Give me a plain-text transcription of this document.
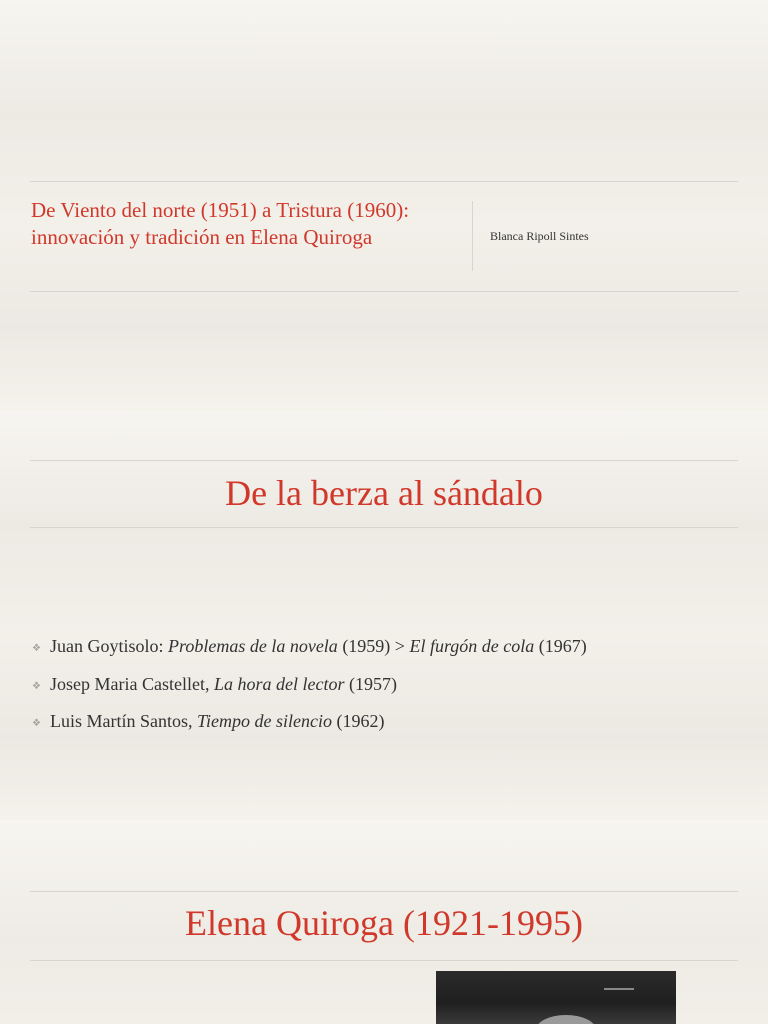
De Viento del norte (1951) a Tristura (1960): innovación y tradición en Elena Quiroga	Blanca Ripoll Sintes
De la berza al sándalo
❖ Juan Goytisolo: Problemas de la novela (1959) > El furgón de cola (1967)
❖ Josep Maria Castellet, La hora del lector (1957)
❖ Luis Martín Santos, Tiempo de silencio (1962)
Elena Quiroga (1921-1995)
